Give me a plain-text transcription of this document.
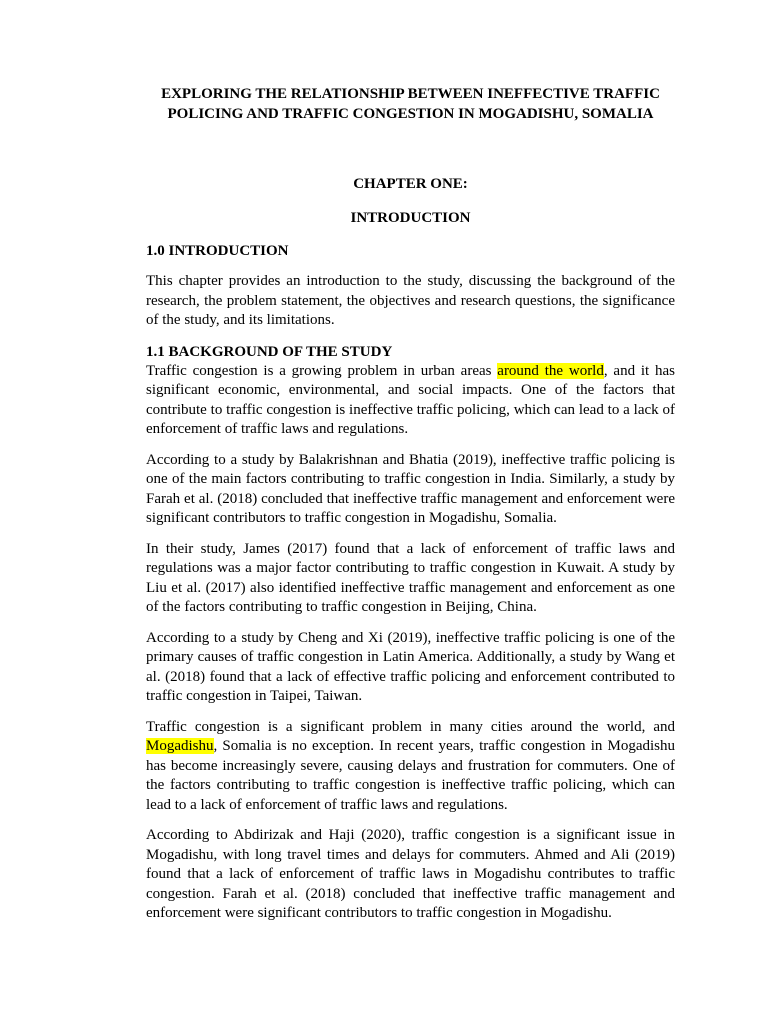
EXPLORING THE RELATIONSHIP BETWEEN INEFFECTIVE TRAFFIC
POLICING AND TRAFFIC CONGESTION IN MOGADISHU, SOMALIA
CHAPTER ONE:
INTRODUCTION
1.0 INTRODUCTION

This chapter provides an introduction to the study, discussing the background of the research, the problem statement, the objectives and research questions, the significance of the study, and its limitations.

1.1 BACKGROUND OF THE STUDY

Traffic congestion is a growing problem in urban areas around the world, and it has significant economic, environmental, and social impacts. One of the factors that contribute to traffic congestion is ineffective traffic policing, which can lead to a lack of enforcement of traffic laws and regulations.

According to a study by Balakrishnan and Bhatia (2019), ineffective traffic policing is one of the main factors contributing to traffic congestion in India. Similarly, a study by Farah et al. (2018) concluded that ineffective traffic management and enforcement were significant contributors to traffic congestion in Mogadishu, Somalia.

In their study, James (2017) found that a lack of enforcement of traffic laws and regulations was a major factor contributing to traffic congestion in Kuwait. A study by Liu et al. (2017) also identified ineffective traffic management and enforcement as one of the factors contributing to traffic congestion in Beijing, China.

According to a study by Cheng and Xi (2019), ineffective traffic policing is one of the primary causes of traffic congestion in Latin America. Additionally, a study by Wang et al. (2018) found that a lack of effective traffic policing and enforcement contributed to traffic congestion in Taipei, Taiwan.

Traffic congestion is a significant problem in many cities around the world, and Mogadishu, Somalia is no exception. In recent years, traffic congestion in Mogadishu has become increasingly severe, causing delays and frustration for commuters. One of the factors contributing to traffic congestion is ineffective traffic policing, which can lead to a lack of enforcement of traffic laws and regulations.

According to Abdirizak and Haji (2020), traffic congestion is a significant issue in Mogadishu, with long travel times and delays for commuters. Ahmed and Ali (2019) found that a lack of enforcement of traffic laws in Mogadishu contributes to traffic congestion. Farah et al. (2018) concluded that ineffective traffic management and enforcement were significant contributors to traffic congestion in Mogadishu.
